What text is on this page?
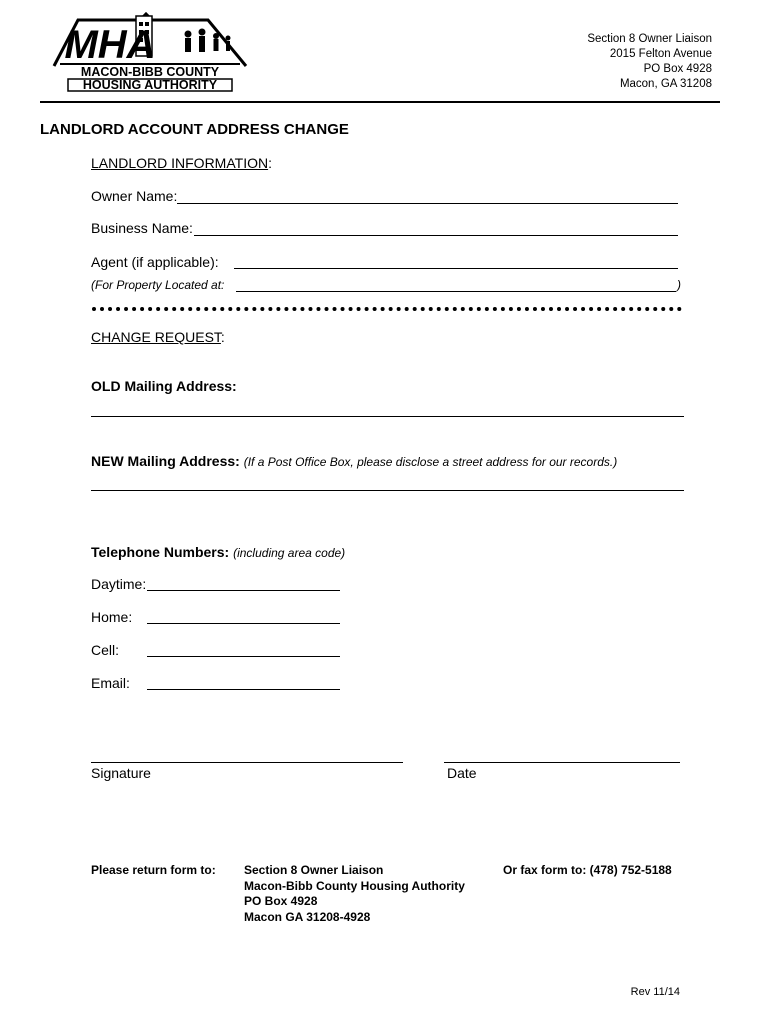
MHA
MACON-BIBB COUNTY
HOUSING AUTHORITY
Section 8 Owner Liaison
2015 Felton Avenue
PO Box 4928
Macon, GA 31208
LANDLORD ACCOUNT ADDRESS CHANGE
LANDLORD INFORMATION:
Owner Name:
Business Name:
Agent (if applicable):
(For Property Located at:	)
CHANGE REQUEST:
OLD Mailing Address:
NEW Mailing Address: (If a Post Office Box, please disclose a street address for our records.)
Telephone Numbers: (including area code)
Daytime:
Home:
Cell:
Email:
Signature	Date
Please return form to: Section 8 Owner Liaison
Macon-Bibb County Housing Authority
PO Box 4928
Macon GA 31208-4928
Or fax form to: (478) 752-5188
Rev 11/14
